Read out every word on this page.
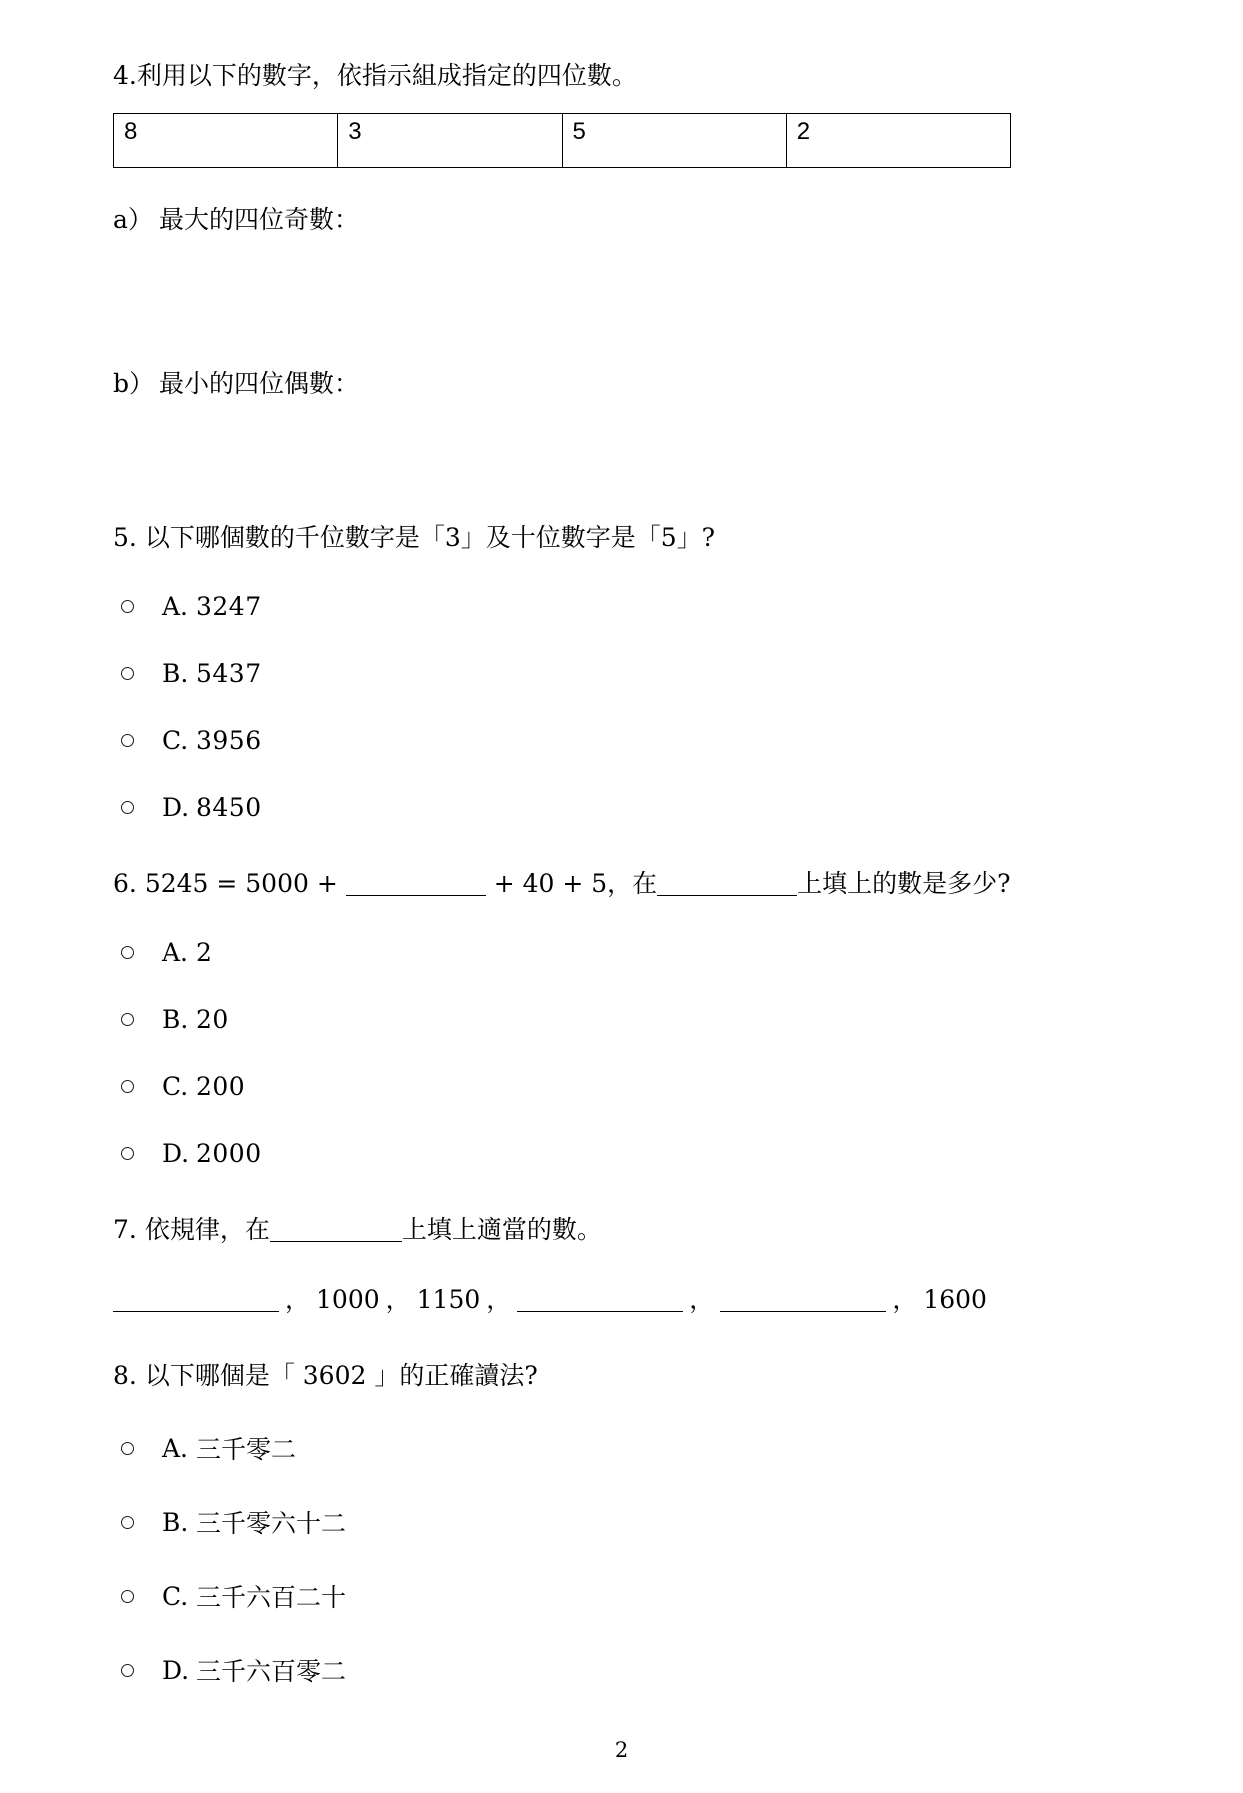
4.利用以下的數字，依指示組成指定的四位數。
8	3	5	2
a） 最大的四位奇數：
b） 最小的四位偶數：
5. 以下哪個數的千位數字是「3」及十位數字是「5」?
A. 3247
B. 5437
C. 3956
D. 8450
6. 5245 = 5000 +	+ 40 + 5，在	上填上的數是多少?
A. 2
B. 20
C. 200
D. 2000
7. 依規律，在	上填上適當的數。
， 1000 ， 1150 ，	，	， 1600
8. 以下哪個是「 3602 」的正確讀法?
A. 三千零二
B. 三千零六十二
C. 三千六百二十
D. 三千六百零二
2
